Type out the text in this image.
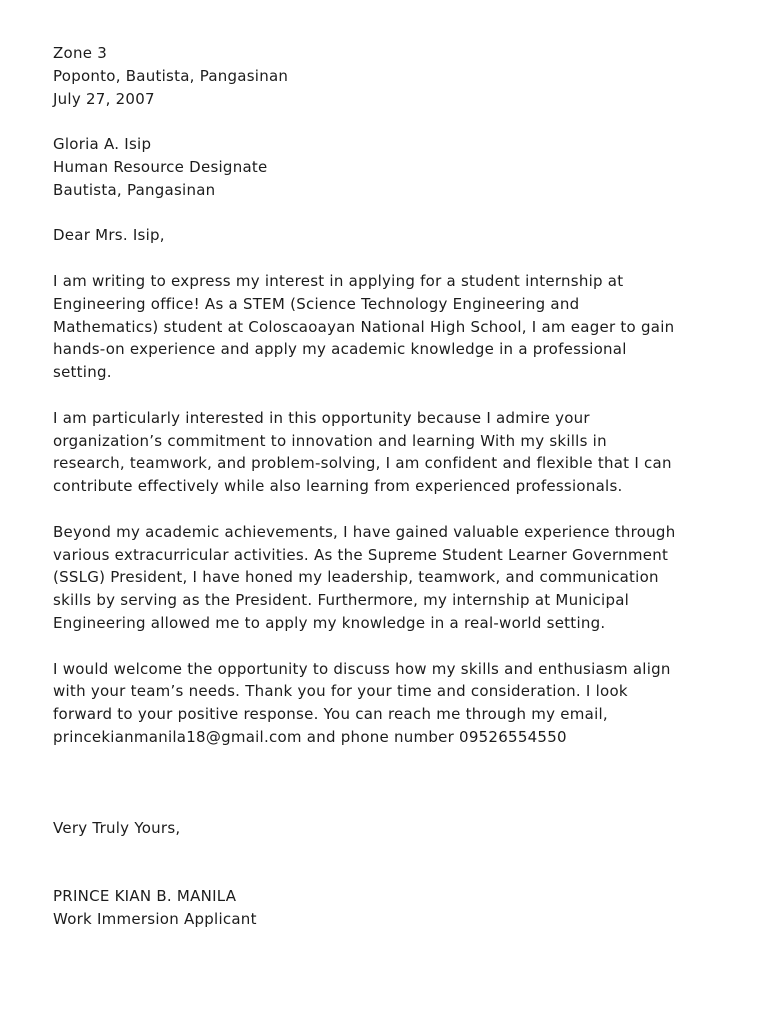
Zone 3
Poponto, Bautista, Pangasinan
July 27, 2007
Gloria A. Isip
Human Resource Designate
Bautista, Pangasinan
Dear Mrs. Isip,
I am writing to express my interest in applying for a student internship at
Engineering office! As a STEM (Science Technology Engineering and
Mathematics) student at Coloscaoayan National High School, I am eager to gain
hands-on experience and apply my academic knowledge in a professional
setting.
I am particularly interested in this opportunity because I admire your
organization’s commitment to innovation and learning With my skills in
research, teamwork, and problem-solving, I am confident and flexible that I can
contribute effectively while also learning from experienced professionals.
Beyond my academic achievements, I have gained valuable experience through
various extracurricular activities. As the Supreme Student Learner Government
(SSLG) President, I have honed my leadership, teamwork, and communication
skills by serving as the President. Furthermore, my internship at Municipal
Engineering allowed me to apply my knowledge in a real-world setting.
I would welcome the opportunity to discuss how my skills and enthusiasm align
with your team’s needs. Thank you for your time and consideration. I look
forward to your positive response. You can reach me through my email,
princekianmanila18@gmail.com and phone number 09526554550
Very Truly Yours,
PRINCE KIAN B. MANILA
Work Immersion Applicant
